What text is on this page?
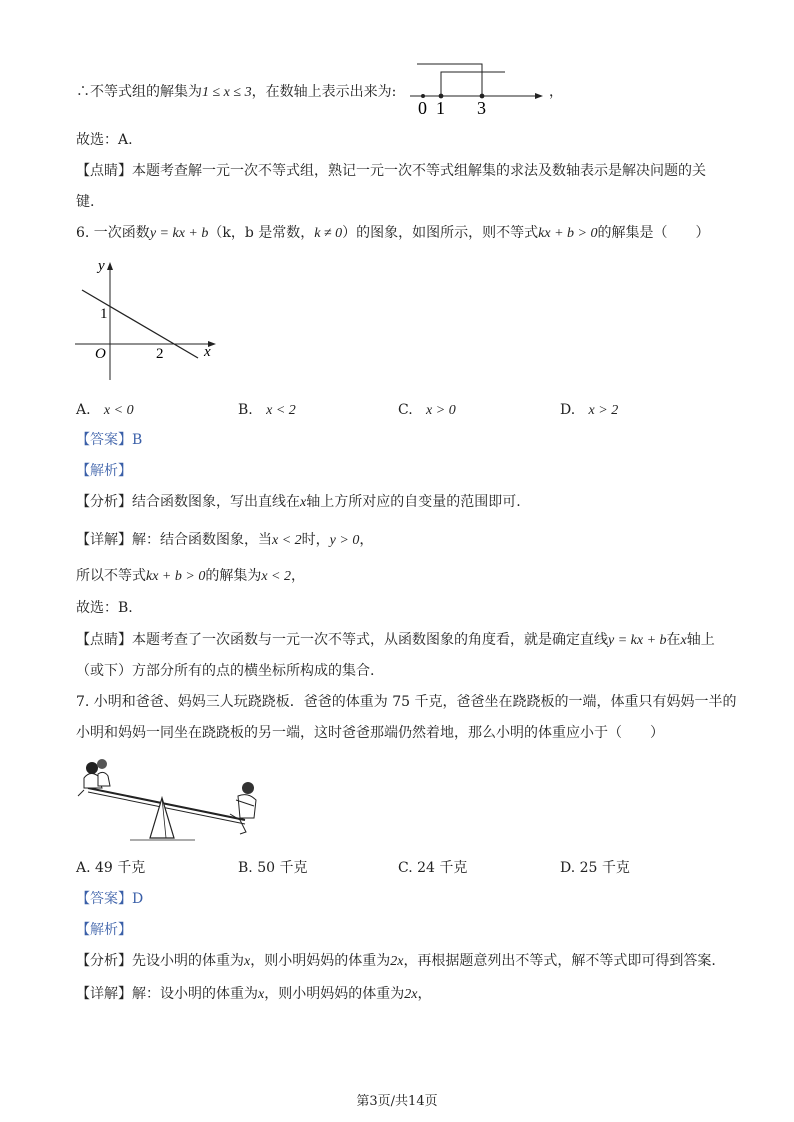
∴不等式组的解集为1 ≤ x ≤ 3，在数轴上表示出来为:
0 1 3
，
故选：A.
【点睛】本题考查解一元一次不等式组，熟记一元一次不等式组解集的求法及数轴表示是解决问题的关
键.
6. 一次函数y = kx + b（k，b 是常数，k ≠ 0）的图象，如图所示，则不等式kx + b > 0的解集是（　　）
y
x
O
1
2
A. x < 0	B. x < 2	C. x > 0	D. x > 2
【答案】B
【解析】
【分析】结合函数图象，写出直线在x轴上方所对应的自变量的范围即可.
【详解】解：结合函数图象，当x < 2时，y > 0，
所以不等式kx + b > 0的解集为x < 2，
故选：B.
【点睛】本题考查了一次函数与一元一次不等式，从函数图象的角度看，就是确定直线y = kx + b在x轴上
（或下）方部分所有的点的横坐标所构成的集合.
7. 小明和爸爸、妈妈三人玩跷跷板．爸爸的体重为 75 千克，爸爸坐在跷跷板的一端，体重只有妈妈一半的
小明和妈妈一同坐在跷跷板的另一端，这时爸爸那端仍然着地，那么小明的体重应小于（　　）
A. 49 千克	B. 50 千克	C. 24 千克	D. 25 千克
【答案】D
【解析】
【分析】先设小明的体重为x，则小明妈妈的体重为2x，再根据题意列出不等式，解不等式即可得到答案.
【详解】解：设小明的体重为x，则小明妈妈的体重为2x，
第3页/共14页
